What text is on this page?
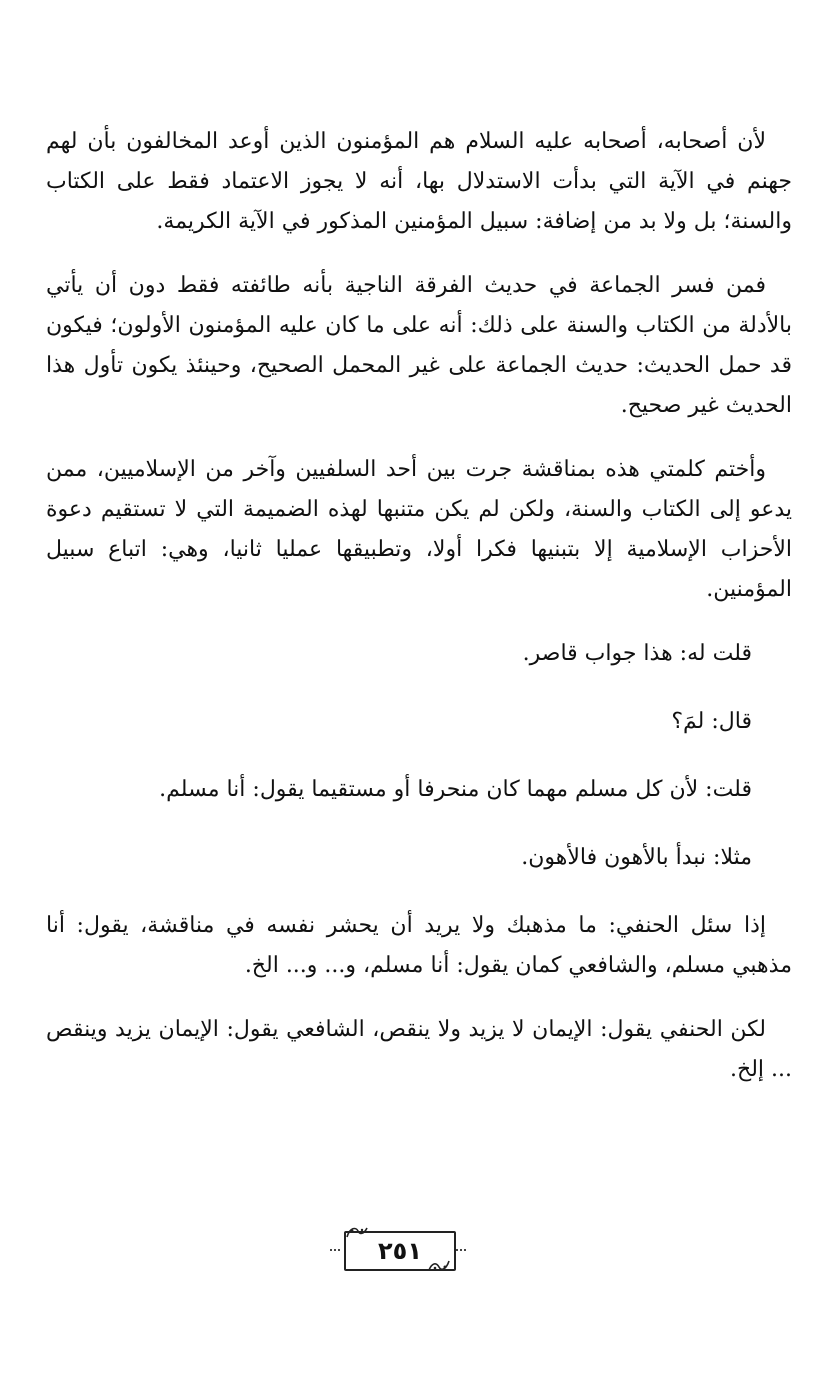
لأن أصحابه، أصحابه عليه السلام هم المؤمنون الذين أوعد المخالفون بأن لهم جهنم في الآية التي بدأت الاستدلال بها، أنه لا يجوز الاعتماد فقط على الكتاب والسنة؛ بل ولا بد من إضافة: سبيل المؤمنين المذكور في الآية الكريمة.

فمن فسر الجماعة في حديث الفرقة الناجية بأنه طائفته فقط دون أن يأتي بالأدلة من الكتاب والسنة على ذلك: أنه على ما كان عليه المؤمنون الأولون؛ فيكون قد حمل الحديث: حديث الجماعة على غير المحمل الصحيح، وحينئذ يكون تأول هذا الحديث غير صحيح.

وأختم كلمتي هذه بمناقشة جرت بين أحد السلفيين وآخر من الإسلاميين، ممن يدعو إلى الكتاب والسنة، ولكن لم يكن متنبها لهذه الضميمة التي لا تستقيم دعوة الأحزاب الإسلامية إلا بتبنيها فكرا أولا، وتطبيقها عمليا ثانيا، وهي: اتباع سبيل المؤمنين.

قلت له: هذا جواب قاصر.

قال: لمَ؟

قلت: لأن كل مسلم مهما كان منحرفا أو مستقيما يقول: أنا مسلم.

مثلا: نبدأ بالأهون فالأهون.

إذا سئل الحنفي: ما مذهبك ولا يريد أن يحشر نفسه في مناقشة، يقول: أنا مذهبي مسلم، والشافعي كمان يقول: أنا مسلم، و... و... الخ.

لكن الحنفي يقول: الإيمان لا يزيد ولا ينقص، الشافعي يقول: الإيمان يزيد وينقص ... إلخ.

٢٥١
